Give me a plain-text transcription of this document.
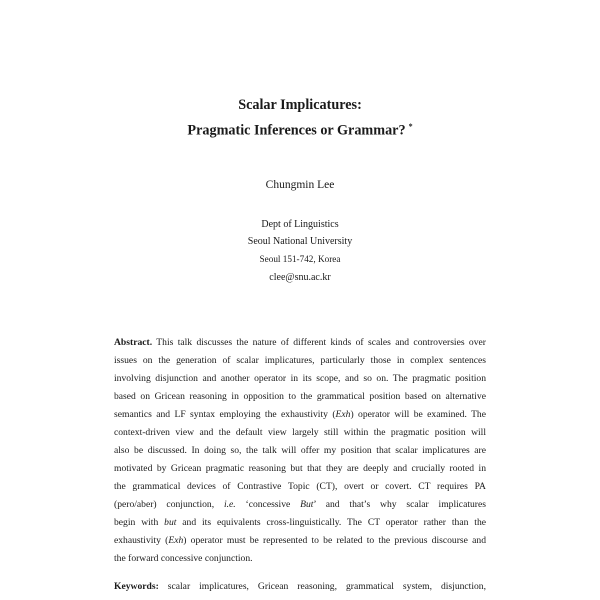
Scalar Implicatures:
Pragmatic Inferences or Grammar? *
Chungmin Lee
Dept of Linguistics
Seoul National University
Seoul 151-742, Korea
clee@snu.ac.kr
Abstract. This talk discusses the nature of different kinds of scales and controversies over
issues on the generation of scalar implicatures, particularly those in complex sentences
involving disjunction and another operator in its scope, and so on. The pragmatic position
based on Gricean reasoning in opposition to the grammatical position based on alternative
semantics and LF syntax employing the exhaustivity (Exh) operator will be examined. The
context-driven view and the default view largely still within the pragmatic position will
also be discussed. In doing so, the talk will offer my position that scalar implicatures are
motivated by Gricean pragmatic reasoning but that they are deeply and crucially rooted in
the grammatical devices of Contrastive Topic (CT), overt or covert. CT requires PA
(pero/aber) conjunction, i.e. ‘concessive But’ and that’s why scalar implicatures
begin with but and its equivalents cross-linguistically. The CT operator rather than the
exhaustivity (Exh) operator must be represented to be related to the previous discourse and
the forward concessive conjunction.
Keywords: scalar implicatures, Gricean reasoning, grammatical system, disjunction,
